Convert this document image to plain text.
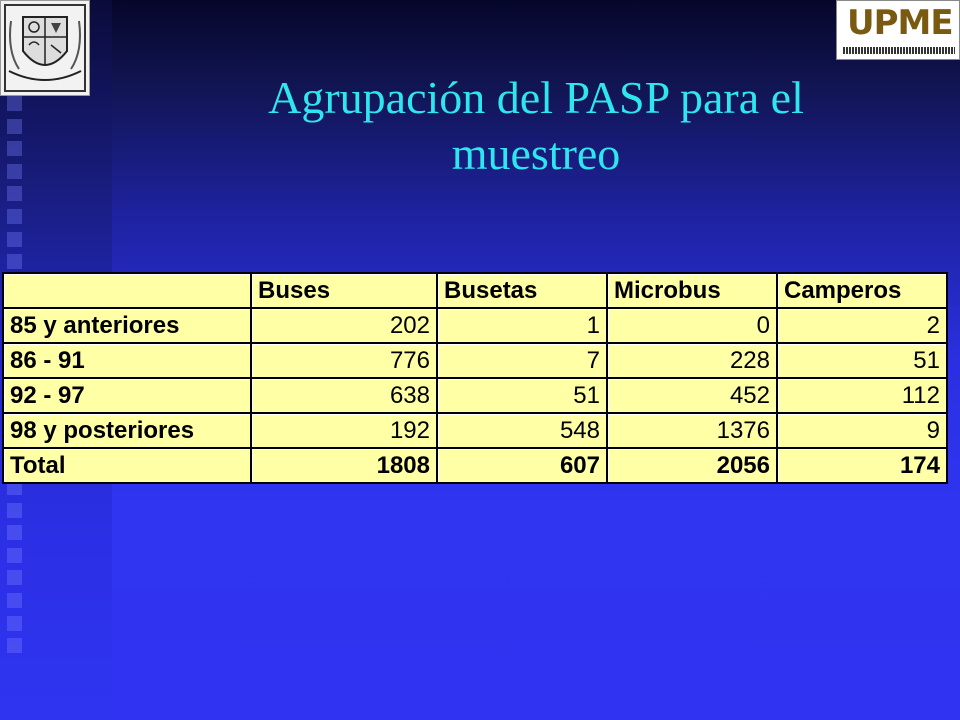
UPME
Agrupación del PASP para el
muestreo
	Buses	Busetas	Microbus	Camperos
85 y anteriores	202	1	0	2
86 - 91	776	7	228	51
92 - 97	638	51	452	112
98 y posteriores	192	548	1376	9
Total	1808	607	2056	174
